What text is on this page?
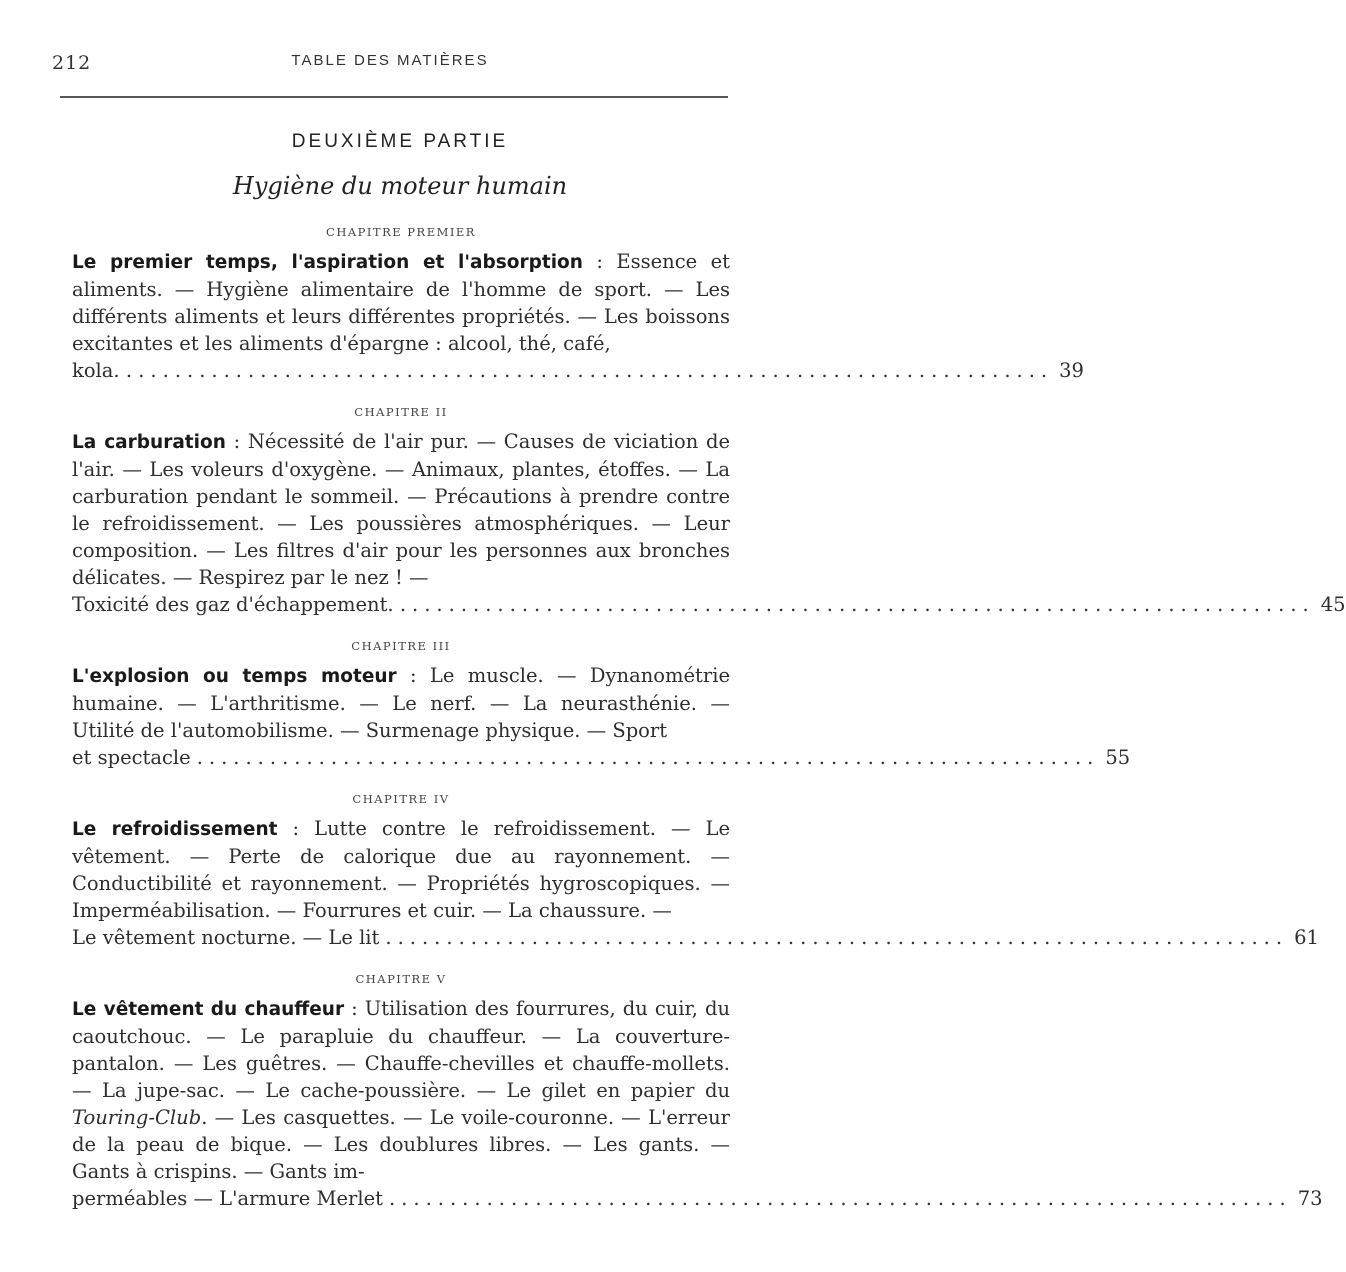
212	TABLE DES MATIÈRES
DEUXIÈME PARTIE
Hygiène du moteur humain
CHAPITRE PREMIER
Le premier temps, l'aspiration et l'absorption : Essence et aliments. — Hygiène alimentaire de l'homme de sport. — Les différents aliments et leurs différentes propriétés. — Les boissons excitantes et les aliments d'épargne : alcool, thé, café,
kola. . . .......................................................................... 39
CHAPITRE II
La carburation : Nécessité de l'air pur. — Causes de viciation de l'air. — Les voleurs d'oxygène. — Animaux, plantes, étoffes. — La carburation pendant le sommeil. — Précautions à prendre contre le refroidissement. — Les poussières atmosphériques. — Leur composition. — Les filtres d'air pour les personnes aux bronches délicates. — Respirez par le nez ! —
Toxicité des gaz d'échappement. . .......................................................................... 45
CHAPITRE III
L'explosion ou temps moteur : Le muscle. — Dynanométrie humaine. — L'arthritisme. — Le nerf. — La neurasthénie. — Utilité de l'automobilisme. — Surmenage physique. — Sport
et spectacle .......................................................................... 55
CHAPITRE IV
Le refroidissement : Lutte contre le refroidissement. — Le vêtement. — Perte de calorique due au rayonnement. — Conductibilité et rayonnement. — Propriétés hygroscopiques. — Imperméabilisation. — Fourrures et cuir. — La chaussure. —
Le vêtement nocturne. — Le lit .......................................................................... 61
CHAPITRE V
Le vêtement du chauffeur : Utilisation des fourrures, du cuir, du caoutchouc. — Le parapluie du chauffeur. — La couverture-pantalon. — Les guêtres. — Chauffe-chevilles et chauffe-mollets. — La jupe-sac. — Le cache-poussière. — Le gilet en papier du Touring-Club. — Les casquettes. — Le voile-couronne. — L'erreur de la peau de bique. — Les doublures libres. — Les gants. — Gants à crispins. — Gants im-
perméables — L'armure Merlet .......................................................................... 73
